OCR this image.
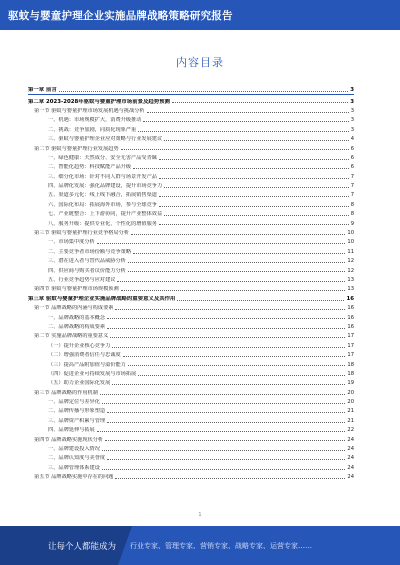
驱蚊与婴童护理企业实施品牌战略策略研究报告
内容目录
第一章 前言	3
第二章 2023-2028年驱蚊与婴童护理市场前景及趋势预测	3
第一节 驱蚊与婴童护理市场发展机遇与挑战分析	3
一、机遇：市场规模扩大，消费升级推动	3
二、挑战：竞争加剧，同质化现象严重	3
三、驱蚊与婴童护理企业应对策略与行业发展建议	4
第二节 驱蚊与婴童护理行业发展趋势	6
一、绿色健康：天然成分、安全无害产品受青睐	6
二、智能化趋势：科技赋能产品升级	6
三、细分化市场：针对不同人群与场景开发产品	7
四、品牌化发展：强化品牌建设，提升市场竞争力	7
五、渠道多元化：线上线下融合，拓展销售渠道	7
六、国际化布局：拓展海外市场，参与全球竞争	8
七、产业链整合：上下游协同，提升产业整体效益	8
八、服务升级：提供专业化、个性化的增值服务	9
第三节 驱蚊与婴童护理行业竞争格局分析	10
一、市场集中度分析	10
二、主要竞争者市场份额与竞争策略	11
三、潜在进入者与替代品威胁分析	12
四、供应商与购买者议价能力分析	12
五、行业竞争趋势与应对建议	13
第四节 驱蚊与婴童护理市场规模预测	13
第三章 驱蚊与婴童护理企业实施品牌战略的重要意义及其作用	16
第一节 品牌战略的内涵与构成要素	16
一、品牌战略的基本概念	16
二、品牌战略的构成要素	16
第二节 实施品牌战略的重要意义	17
（一）提升企业核心竞争力	17
（二）增强消费者信任与忠诚度	17
（三）提高产品附加值与溢价能力	18
（四）促进企业可持续发展与市场拓展	18
（五）助力企业国际化发展	19
第三节 品牌战略的作用机制	20
一、品牌定位与差异化	20
二、品牌传播与形象塑造	21
三、品牌资产积累与管理	21
四、品牌延伸与拓展	22
第四节 品牌战略实施现状分析	24
一、品牌建设投入情况	24
二、品牌认知度与美誉度	24
三、品牌管理体系建设	24
第五节 品牌战略实施中存在的问题	24
1
让每个人都能成为 行业专家、管理专家、营销专家、战略专家、运营专家……
